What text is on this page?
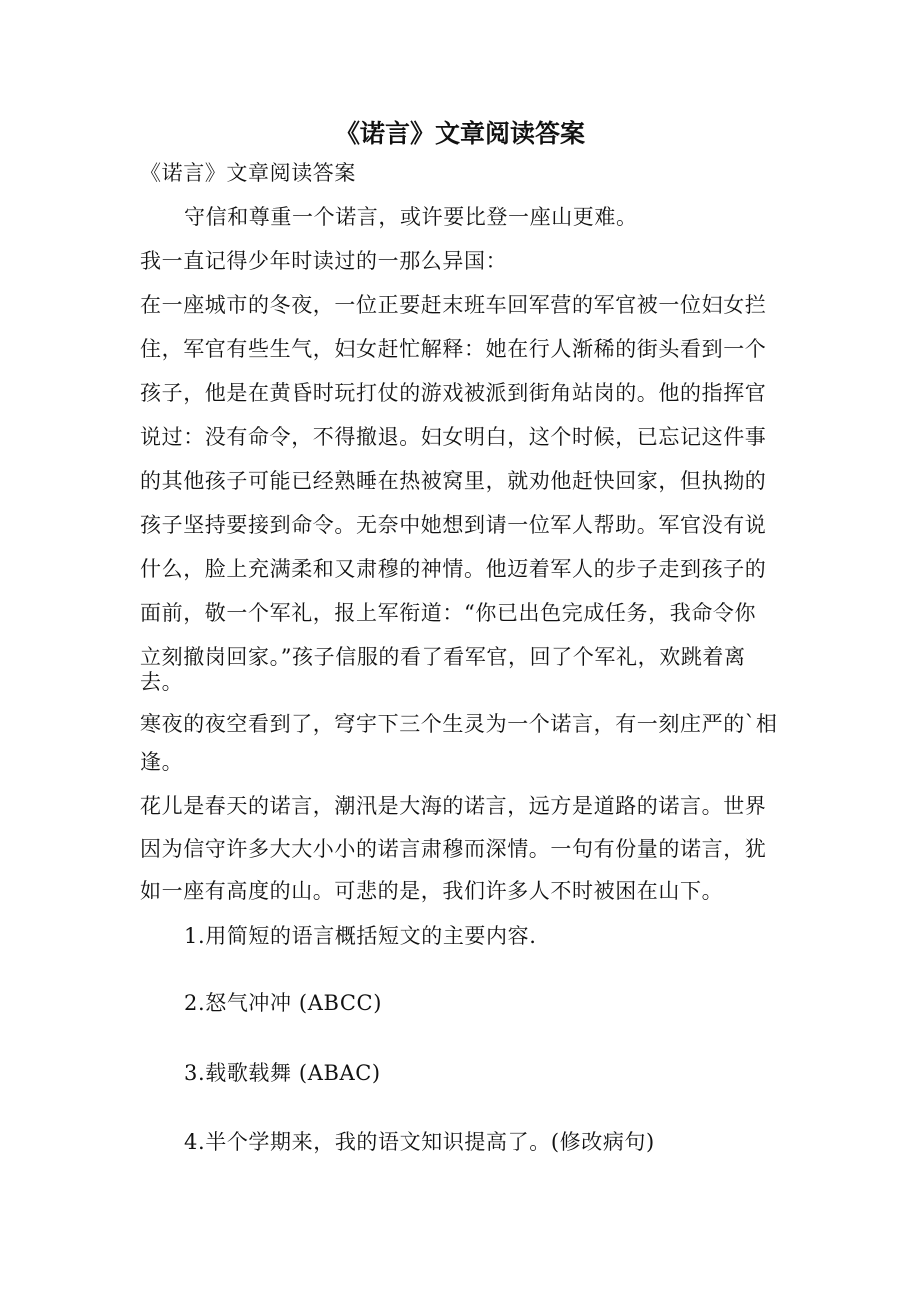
《诺言》文章阅读答案
《诺言》文章阅读答案
守信和尊重一个诺言，或许要比登一座山更难。
我一直记得少年时读过的一那么异国：
在一座城市的冬夜，一位正要赶末班车回军营的军官被一位妇女拦
住，军官有些生气，妇女赶忙解释：她在行人渐稀的街头看到一个
孩子，他是在黄昏时玩打仗的游戏被派到街角站岗的。他的指挥官
说过：没有命令，不得撤退。妇女明白，这个时候，已忘记这件事
的其他孩子可能已经熟睡在热被窝里，就劝他赶快回家，但执拗的
孩子坚持要接到命令。无奈中她想到请一位军人帮助。军官没有说
什么，脸上充满柔和又肃穆的神情。他迈着军人的步子走到孩子的
面前，敬一个军礼，报上军衔道：“你已出色完成任务，我命令你
立刻撤岗回家。”孩子信服的看了看军官，回了个军礼，欢跳着离
去。
寒夜的夜空看到了，穹宇下三个生灵为一个诺言，有一刻庄严的`相
逢。
花儿是春天的诺言，潮汛是大海的诺言，远方是道路的诺言。世界
因为信守许多大大小小的诺言肃穆而深情。一句有份量的诺言，犹
如一座有高度的山。可悲的是，我们许多人不时被困在山下。
1.用简短的语言概括短文的主要内容.
2.怒气冲冲 (ABCC)
3.载歌载舞 (ABAC)
4.半个学期来，我的语文知识提高了。(修改病句)
